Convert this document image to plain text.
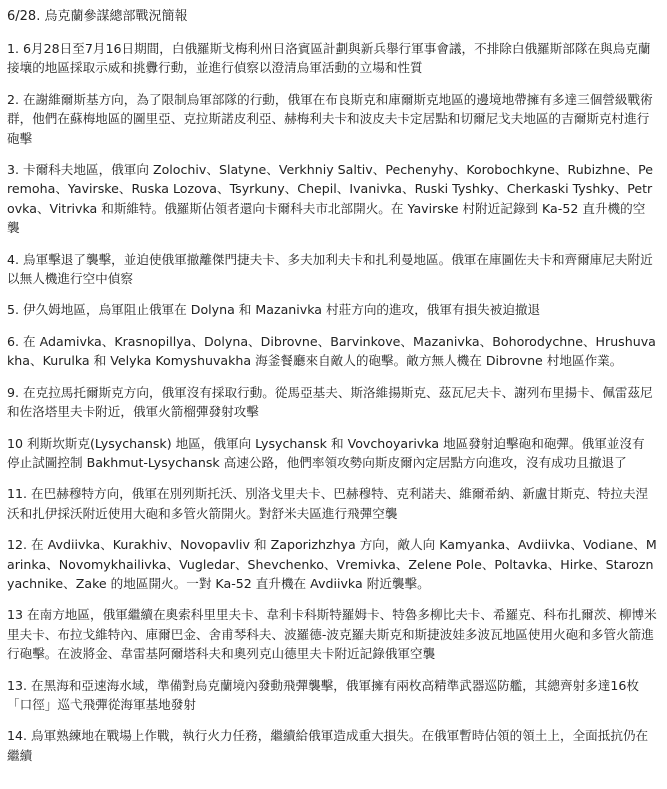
6/28. 烏克蘭參謀總部戰況簡報
1. 6月28日至7月16日期間，白俄羅斯戈梅利州日洛賓區計劃與新兵舉行軍事會議，不排除白俄羅斯部隊在與烏克蘭接壤的地區採取示威和挑釁行動，並進行偵察以澄清烏軍活動的立場和性質
2. 在謝維爾斯基方向，為了限制烏軍部隊的行動，俄軍在布良斯克和庫爾斯克地區的邊境地帶擁有多達三個營級戰術群，他們在蘇梅地區的圖里亞、克拉斯諾皮利亞、赫梅利夫卡和波皮夫卡定居點和切爾尼戈夫地區的吉爾斯克村進行砲擊
3. 卡爾科夫地區，俄軍向 Zolochiv、Slatyne、Verkhniy Saltiv、Pechenyhy、Korobochkyne、Rubizhne、Peremoha、Yavirske、Ruska Lozova、Tsyrkuny、Chepil、Ivanivka、Ruski Tyshky、Cherkaski Tyshky、Petrovka、Vitrivka 和斯維特。俄羅斯佔領者還向卡爾科夫市北部開火。在 Yavirske 村附近記錄到 Ka-52 直升機的空襲
4. 烏軍擊退了襲擊，並迫使俄軍撤離傑門捷夫卡、多夫加利夫卡和扎利曼地區。俄軍在庫圖佐夫卡和齊爾庫尼夫附近以無人機進行空中偵察
5. 伊久姆地區，烏軍阻止俄軍在 Dolyna 和 Mazanivka 村莊方向的進攻，俄軍有損失被迫撤退
6. 在 Adamivka、Krasnopillya、Dolyna、Dibrovne、Barvinkove、Mazanivka、Bohorodychne、Hrushuvakha、Kurulka 和 Velyka Komyshuvakha 海釜餐廳來自敵人的砲擊。敵方無人機在 Dibrovne 村地區作業。
9. 在克拉馬托爾斯克方向，俄軍沒有採取行動。從馬亞基夫、斯洛維揚斯克、茲瓦尼夫卡、謝列布里揚卡、佩雷茲尼和佐洛塔里夫卡附近，俄軍火箭榴彈發射攻擊
10 利斯坎斯克(Lysychansk) 地區，俄軍向 Lysychansk 和 Vovchoyarivka 地區發射迫擊砲和砲彈。俄軍並沒有停止試圖控制 Bakhmut-Lysychansk 高速公路，他們率領攻勢向斯皮爾內定居點方向進攻，沒有成功且撤退了
11. 在巴赫穆特方向，俄軍在別列斯托沃、別洛戈里夫卡、巴赫穆特、克利諾夫、維爾希納、新盧甘斯克、特拉夫涅沃和扎伊採沃附近使用大砲和多管火箭開火。對舒米夫區進行飛彈空襲
12. 在 Avdiivka、Kurakhiv、Novopavliv 和 Zaporizhzhya 方向，敵人向 Kamyanka、Avdiivka、Vodiane、Marinka、Novomykhailivka、Vugledar、Shevchenko、Vremivka、Zelene Pole、Poltavka、Hirke、Staroznyachnike、Zake 的地區開火。一對 Ka-52 直升機在 Avdiivka 附近襲擊。
13 在南方地區，俄軍繼續在奧索科里里夫卡、韋利卡科斯特羅姆卡、特魯多柳比夫卡、希羅克、科布扎爾茨、柳博米里夫卡、布拉戈維特內、庫爾巴金、舍甫琴科夫、波羅德-波克羅夫斯克和斯捷波娃多波瓦地區使用火砲和多管火箭進行砲擊。在波將金、韋雷基阿爾塔科夫和奧列克山德里夫卡附近記錄俄軍空襲
13. 在黑海和亞速海水域，準備對烏克蘭境內發動飛彈襲擊，俄軍擁有兩枚高精準武器巡防艦，其總齊射多達16枚「口徑」巡弋飛彈從海軍基地發射
14. 烏軍熟練地在戰場上作戰，執行火力任務，繼續給俄軍造成重大損失。在俄軍暫時佔領的領土上，全面抵抗仍在繼續
